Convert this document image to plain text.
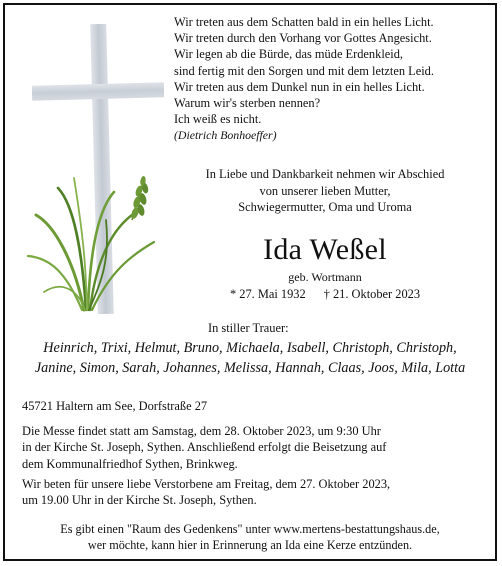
Wir treten aus dem Schatten bald in ein helles Licht.
Wir treten durch den Vorhang vor Gottes Angesicht.
Wir legen ab die Bürde, das müde Erdenkleid,
sind fertig mit den Sorgen und mit dem letzten Leid.
Wir treten aus dem Dunkel nun in ein helles Licht.
Warum wir's sterben nennen?
Ich weiß es nicht.
(Dietrich Bonhoeffer)
In Liebe und Dankbarkeit nehmen wir Abschied
von unserer lieben Mutter,
Schwiegermutter, Oma und Uroma
Ida Weßel
geb. Wortmann
* 27. Mai 1932 † 21. Oktober 2023
In stiller Trauer:
Heinrich, Trixi, Helmut, Bruno, Michaela, Isabell, Christoph, Christoph,
Janine, Simon, Sarah, Johannes, Melissa, Hannah, Claas, Joos, Mila, Lotta
45721 Haltern am See, Dorfstraße 27
Die Messe findet statt am Samstag, dem 28. Oktober 2023, um 9:30 Uhr
in der Kirche St. Joseph, Sythen. Anschließend erfolgt die Beisetzung auf
dem Kommunalfriedhof Sythen, Brinkweg.
Wir beten für unsere liebe Verstorbene am Freitag, dem 27. Oktober 2023,
um 19.00 Uhr in der Kirche St. Joseph, Sythen.
Es gibt einen "Raum des Gedenkens" unter www.mertens-bestattungshaus.de,
wer möchte, kann hier in Erinnerung an Ida eine Kerze entzünden.
